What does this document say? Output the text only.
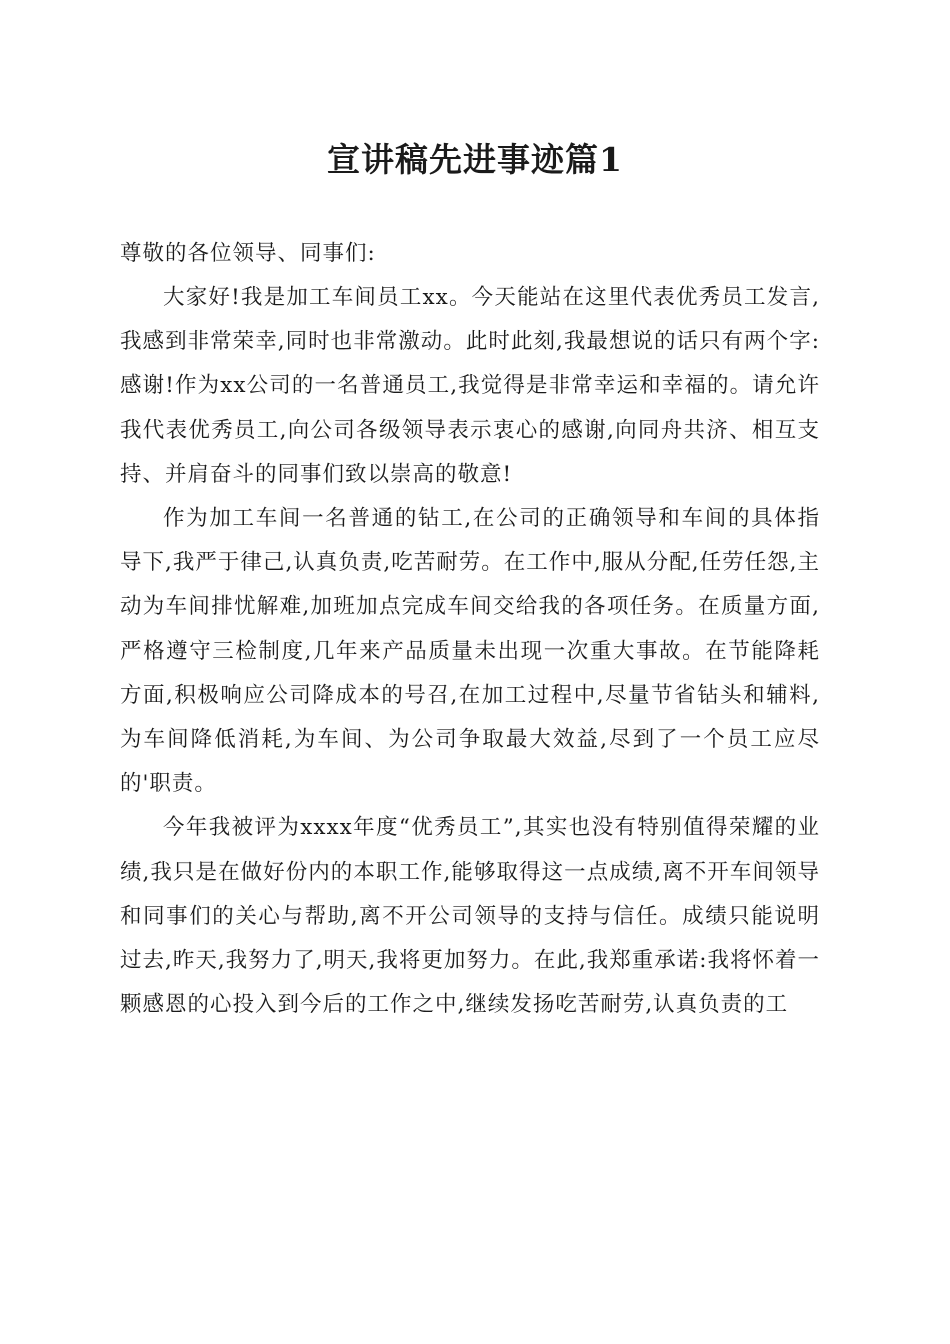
宣讲稿先进事迹篇1

尊敬的各位领导、同事们:

大家好!我是加工车间员工xx。今天能站在这里代表优秀员工发言,我感到非常荣幸,同时也非常激动。此时此刻,我最想说的话只有两个字:感谢!作为xx公司的一名普通员工,我觉得是非常幸运和幸福的。请允许我代表优秀员工,向公司各级领导表示衷心的感谢,向同舟共济、相互支持、并肩奋斗的同事们致以崇高的敬意!

作为加工车间一名普通的钻工,在公司的正确领导和车间的具体指导下,我严于律己,认真负责,吃苦耐劳。在工作中,服从分配,任劳任怨,主动为车间排忧解难,加班加点完成车间交给我的各项任务。在质量方面,严格遵守三检制度,几年来产品质量未出现一次重大事故。在节能降耗方面,积极响应公司降成本的号召,在加工过程中,尽量节省钻头和辅料,为车间降低消耗,为车间、为公司争取最大效益,尽到了一个员工应尽的'职责。

今年我被评为xxxx年度“优秀员工”,其实也没有特别值得荣耀的业绩,我只是在做好份内的本职工作,能够取得这一点成绩,离不开车间领导和同事们的关心与帮助,离不开公司领导的支持与信任。成绩只能说明过去,昨天,我努力了,明天,我将更加努力。在此,我郑重承诺:我将怀着一颗感恩的心投入到今后的工作之中,继续发扬吃苦耐劳,认真负责的工
